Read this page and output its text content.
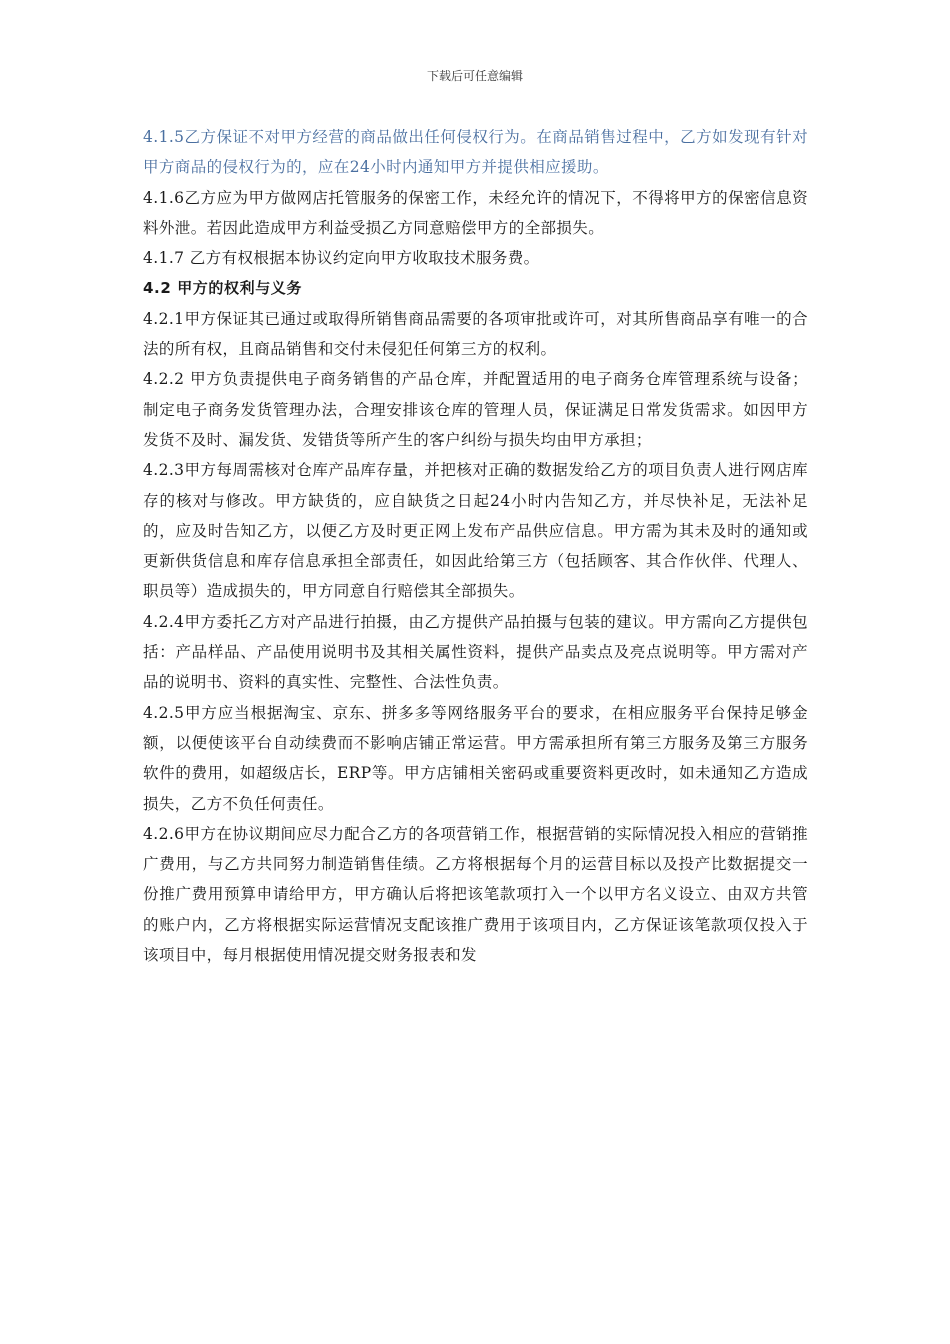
下载后可任意编辑

4.1.5乙方保证不对甲方经营的商品做出任何侵权行为。在商品销售过程中，乙方如发现有针对甲方商品的侵权行为的，应在24小时内通知甲方并提供相应援助。

4.1.6乙方应为甲方做网店托管服务的保密工作，未经允许的情况下，不得将甲方的保密信息资料外泄。若因此造成甲方利益受损乙方同意赔偿甲方的全部损失。

4.1.7 乙方有权根据本协议约定向甲方收取技术服务费。

4.2 甲方的权利与义务

4.2.1甲方保证其已通过或取得所销售商品需要的各项审批或许可，对其所售商品享有唯一的合法的所有权，且商品销售和交付未侵犯任何第三方的权利。

4.2.2 甲方负责提供电子商务销售的产品仓库，并配置适用的电子商务仓库管理系统与设备；制定电子商务发货管理办法，合理安排该仓库的管理人员，保证满足日常发货需求。如因甲方发货不及时、漏发货、发错货等所产生的客户纠纷与损失均由甲方承担；

4.2.3甲方每周需核对仓库产品库存量，并把核对正确的数据发给乙方的项目负责人进行网店库存的核对与修改。甲方缺货的，应自缺货之日起24小时内告知乙方，并尽快补足，无法补足的，应及时告知乙方，以便乙方及时更正网上发布产品供应信息。甲方需为其未及时的通知或更新供货信息和库存信息承担全部责任，如因此给第三方（包括顾客、其合作伙伴、代理人、职员等）造成损失的，甲方同意自行赔偿其全部损失。

4.2.4甲方委托乙方对产品进行拍摄，由乙方提供产品拍摄与包装的建议。甲方需向乙方提供包括：产品样品、产品使用说明书及其相关属性资料，提供产品卖点及亮点说明等。甲方需对产品的说明书、资料的真实性、完整性、合法性负责。

4.2.5甲方应当根据淘宝、京东、拼多多等网络服务平台的要求，在相应服务平台保持足够金额，以便使该平台自动续费而不影响店铺正常运营。甲方需承担所有第三方服务及第三方服务软件的费用，如超级店长，ERP等。甲方店铺相关密码或重要资料更改时，如未通知乙方造成损失，乙方不负任何责任。

4.2.6甲方在协议期间应尽力配合乙方的各项营销工作，根据营销的实际情况投入相应的营销推广费用，与乙方共同努力制造销售佳绩。乙方将根据每个月的运营目标以及投产比数据提交一份推广费用预算申请给甲方，甲方确认后将把该笔款项打入一个以甲方名义设立、由双方共管的账户内，乙方将根据实际运营情况支配该推广费用于该项目内，乙方保证该笔款项仅投入于该项目中，每月根据使用情况提交财务报表和发
